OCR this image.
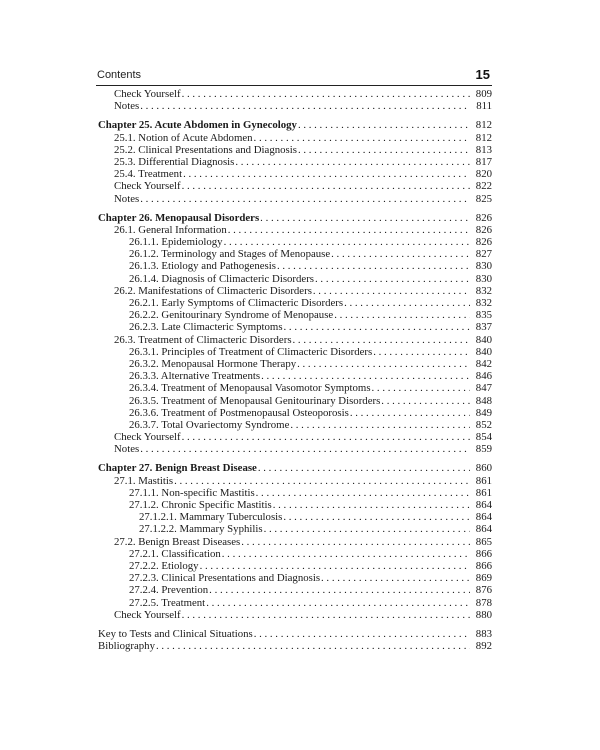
Contents	15
Check Yourself . . .	809
Notes . . .	811
Chapter 25. Acute Abdomen in Gynecology . . .	812
25.1. Notion of Acute Abdomen . . .	812
25.2. Clinical Presentations and Diagnosis . . .	813
25.3. Differential Diagnosis . . .	817
25.4. Treatment . . .	820
Check Yourself . . .	822
Notes . . .	825
Chapter 26. Menopausal Disorders . . .	826
26.1. General Information . . .	826
26.1.1. Epidemiology . . .	826
26.1.2. Terminology and Stages of Menopause . . .	827
26.1.3. Etiology and Pathogenesis . . .	830
26.1.4. Diagnosis of Climacteric Disorders . . .	830
26.2. Manifestations of Climacteric Disorders . . .	832
26.2.1. Early Symptoms of Climacteric Disorders . . .	832
26.2.2. Genitourinary Syndrome of Menopause . . .	835
26.2.3. Late Climacteric Symptoms . . .	837
26.3. Treatment of Climacteric Disorders . . .	840
26.3.1. Principles of Treatment of Climacteric Disorders . . .	840
26.3.2. Menopausal Hormone Therapy . . .	842
26.3.3. Alternative Treatments . . .	846
26.3.4. Treatment of Menopausal Vasomotor Symptoms . . .	847
26.3.5. Treatment of Menopausal Genitourinary Disorders . . .	848
26.3.6. Treatment of Postmenopausal Osteoporosis . . .	849
26.3.7. Total Ovariectomy Syndrome . . .	852
Check Yourself . . .	854
Notes . . .	859
Chapter 27. Benign Breast Disease . . .	860
27.1. Mastitis . . .	861
27.1.1. Non-specific Mastitis . . .	861
27.1.2. Chronic Specific Mastitis . . .	864
27.1.2.1. Mammary Tuberculosis . . .	864
27.1.2.2. Mammary Syphilis . . .	864
27.2. Benign Breast Diseases . . .	865
27.2.1. Classification . . .	866
27.2.2. Etiology . . .	866
27.2.3. Clinical Presentations and Diagnosis . . .	869
27.2.4. Prevention . . .	876
27.2.5. Treatment . . .	878
Check Yourself . . .	880
Key to Tests and Clinical Situations . . .	883
Bibliography . . .	892
